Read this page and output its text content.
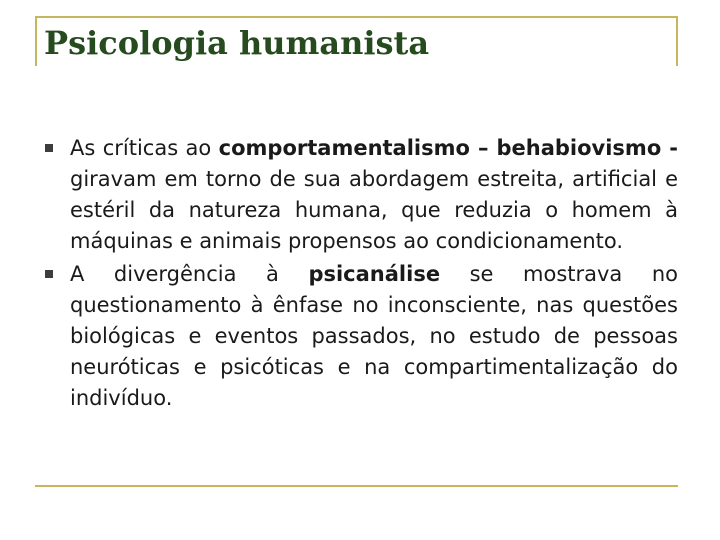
Psicologia humanista
As críticas ao comportamentalismo – behabiovismo - giravam em torno de sua abordagem estreita, artificial e estéril da natureza humana, que reduzia o homem à máquinas e animais propensos ao condicionamento.
A divergência à psicanálise se mostrava no questionamento à ênfase no inconsciente, nas questões biológicas e eventos passados, no estudo de pessoas neuróticas e psicóticas e na compartimentalização do indivíduo.
